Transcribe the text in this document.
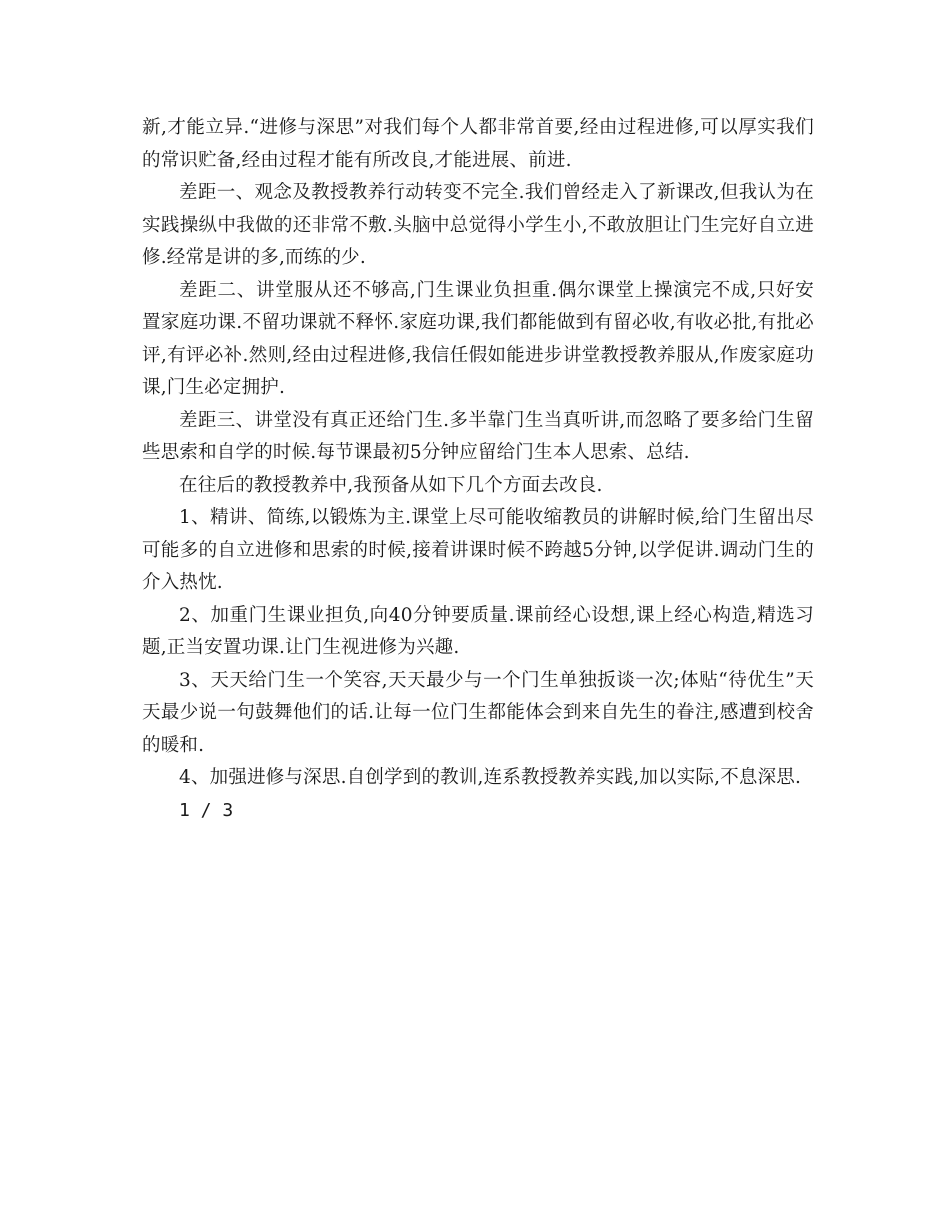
新,才能立异.“进修与深思”对我们每个人都非常首要,经由过程进修,可以厚实我们的常识贮备,经由过程才能有所改良,才能进展、前进.

差距一、观念及教授教养行动转变不完全.我们曾经走入了新课改,但我认为在实践操纵中我做的还非常不敷.头脑中总觉得小学生小,不敢放胆让门生完好自立进修.经常是讲的多,而练的少.

差距二、讲堂服从还不够高,门生课业负担重.偶尔课堂上操演完不成,只好安置家庭功课.不留功课就不释怀.家庭功课,我们都能做到有留必收,有收必批,有批必评,有评必补.然则,经由过程进修,我信任假如能进步讲堂教授教养服从,作废家庭功课,门生必定拥护.

差距三、讲堂没有真正还给门生.多半靠门生当真听讲,而忽略了要多给门生留些思索和自学的时候.每节课最初5分钟应留给门生本人思索、总结.

在往后的教授教养中,我预备从如下几个方面去改良.

1、精讲、简练,以锻炼为主.课堂上尽可能收缩教员的讲解时候,给门生留出尽可能多的自立进修和思索的时候,接着讲课时候不跨越5分钟,以学促讲.调动门生的介入热忱.

2、加重门生课业担负,向40分钟要质量.课前经心设想,课上经心构造,精选习题,正当安置功课.让门生视进修为兴趣.

3、天天给门生一个笑容,天天最少与一个门生单独扳谈一次;体贴“待优生”天天最少说一句鼓舞他们的话.让每一位门生都能体会到来自先生的眷注,感遭到校舍的暖和.

4、加强进修与深思.自创学到的教训,连系教授教养实践,加以实际,不息深思.

1 / 3
